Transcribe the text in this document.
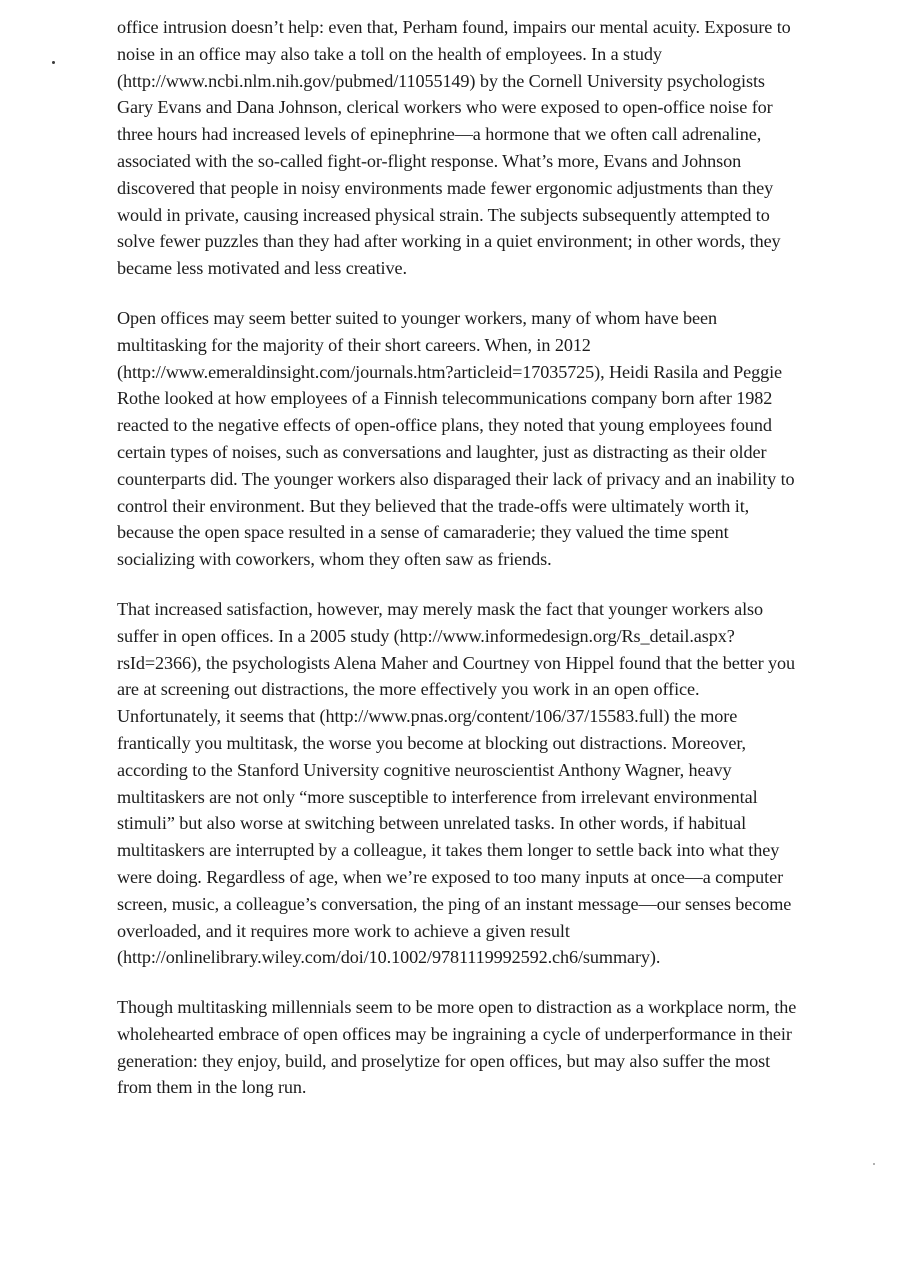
office intrusion doesn’t help: even that, Perham found, impairs our mental acuity. Exposure to noise in an office may also take a toll on the health of employees. In a study (http://www.ncbi.nlm.nih.gov/pubmed/11055149) by the Cornell University psychologists Gary Evans and Dana Johnson, clerical workers who were exposed to open-office noise for three hours had increased levels of epinephrine—a hormone that we often call adrenaline, associated with the so-called fight-or-flight response. What’s more, Evans and Johnson discovered that people in noisy environments made fewer ergonomic adjustments than they would in private, causing increased physical strain. The subjects subsequently attempted to solve fewer puzzles than they had after working in a quiet environment; in other words, they became less motivated and less creative.

Open offices may seem better suited to younger workers, many of whom have been multitasking for the majority of their short careers. When, in 2012 (http://www.emeraldinsight.com/journals.htm?articleid=17035725), Heidi Rasila and Peggie Rothe looked at how employees of a Finnish telecommunications company born after 1982 reacted to the negative effects of open-office plans, they noted that young employees found certain types of noises, such as conversations and laughter, just as distracting as their older counterparts did. The younger workers also disparaged their lack of privacy and an inability to control their environment. But they believed that the trade-offs were ultimately worth it, because the open space resulted in a sense of camaraderie; they valued the time spent socializing with coworkers, whom they often saw as friends.

That increased satisfaction, however, may merely mask the fact that younger workers also suffer in open offices. In a 2005 study (http://www.informedesign.org/Rs_detail.aspx?rsId=2366), the psychologists Alena Maher and Courtney von Hippel found that the better you are at screening out distractions, the more effectively you work in an open office. Unfortunately, it seems that (http://www.pnas.org/content/106/37/15583.full) the more frantically you multitask, the worse you become at blocking out distractions. Moreover, according to the Stanford University cognitive neuroscientist Anthony Wagner, heavy multitaskers are not only “more susceptible to interference from irrelevant environmental stimuli” but also worse at switching between unrelated tasks. In other words, if habitual multitaskers are interrupted by a colleague, it takes them longer to settle back into what they were doing. Regardless of age, when we’re exposed to too many inputs at once—a computer screen, music, a colleague’s conversation, the ping of an instant message—our senses become overloaded, and it requires more work to achieve a given result (http://onlinelibrary.wiley.com/doi/10.1002/9781119992592.ch6/summary).

Though multitasking millennials seem to be more open to distraction as a workplace norm, the wholehearted embrace of open offices may be ingraining a cycle of underperformance in their generation: they enjoy, build, and proselytize for open offices, but may also suffer the most from them in the long run.
